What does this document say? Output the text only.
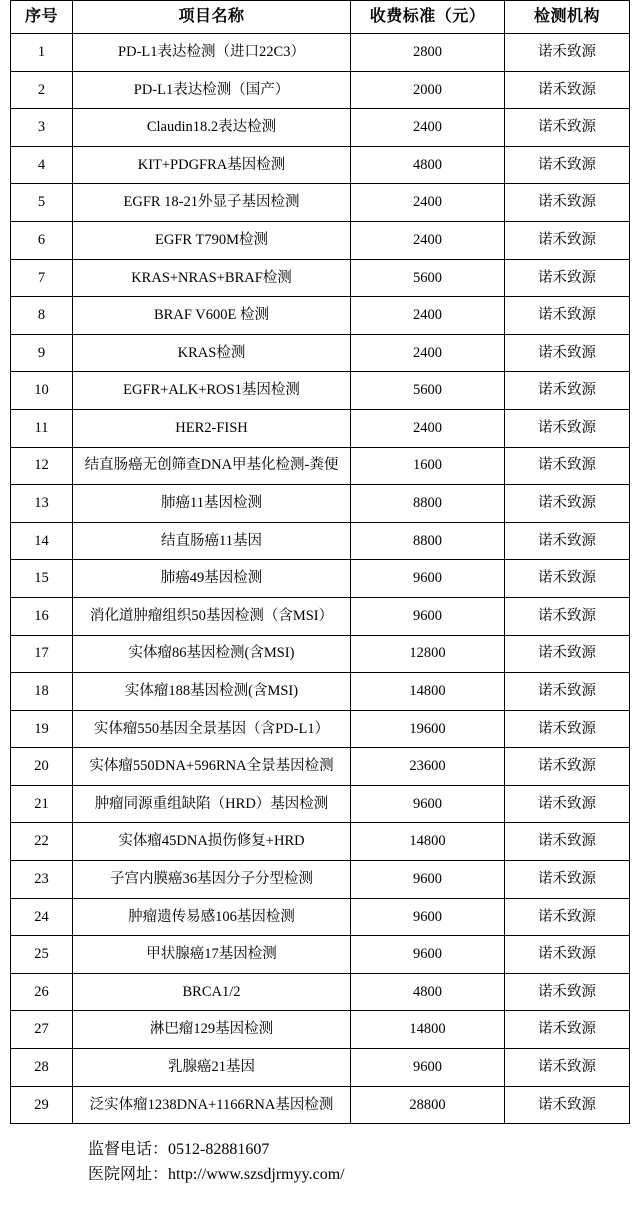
序号	项目名称	收费标准（元）	检测机构
1	PD-L1表达检测（进口22C3）	2800	诺禾致源
2	PD-L1表达检测（国产）	2000	诺禾致源
3	Claudin18.2表达检测	2400	诺禾致源
4	KIT+PDGFRA基因检测	4800	诺禾致源
5	EGFR 18-21外显子基因检测	2400	诺禾致源
6	EGFR T790M检测	2400	诺禾致源
7	KRAS+NRAS+BRAF检测	5600	诺禾致源
8	BRAF V600E 检测	2400	诺禾致源
9	KRAS检测	2400	诺禾致源
10	EGFR+ALK+ROS1基因检测	5600	诺禾致源
11	HER2-FISH	2400	诺禾致源
12	结直肠癌无创筛查DNA甲基化检测-粪便	1600	诺禾致源
13	肺癌11基因检测	8800	诺禾致源
14	结直肠癌11基因	8800	诺禾致源
15	肺癌49基因检测	9600	诺禾致源
16	消化道肿瘤组织50基因检测（含MSI）	9600	诺禾致源
17	实体瘤86基因检测(含MSI)	12800	诺禾致源
18	实体瘤188基因检测(含MSI)	14800	诺禾致源
19	实体瘤550基因全景基因（含PD-L1）	19600	诺禾致源
20	实体瘤550DNA+596RNA全景基因检测	23600	诺禾致源
21	肿瘤同源重组缺陷（HRD）基因检测	9600	诺禾致源
22	实体瘤45DNA损伤修复+HRD	14800	诺禾致源
23	子宫内膜癌36基因分子分型检测	9600	诺禾致源
24	肿瘤遗传易感106基因检测	9600	诺禾致源
25	甲状腺癌17基因检测	9600	诺禾致源
26	BRCA1/2	4800	诺禾致源
27	淋巴瘤129基因检测	14800	诺禾致源
28	乳腺癌21基因	9600	诺禾致源
29	泛实体瘤1238DNA+1166RNA基因检测	28800	诺禾致源
监督电话：0512-82881607
医院网址：http://www.szsdjrmyy.com/
